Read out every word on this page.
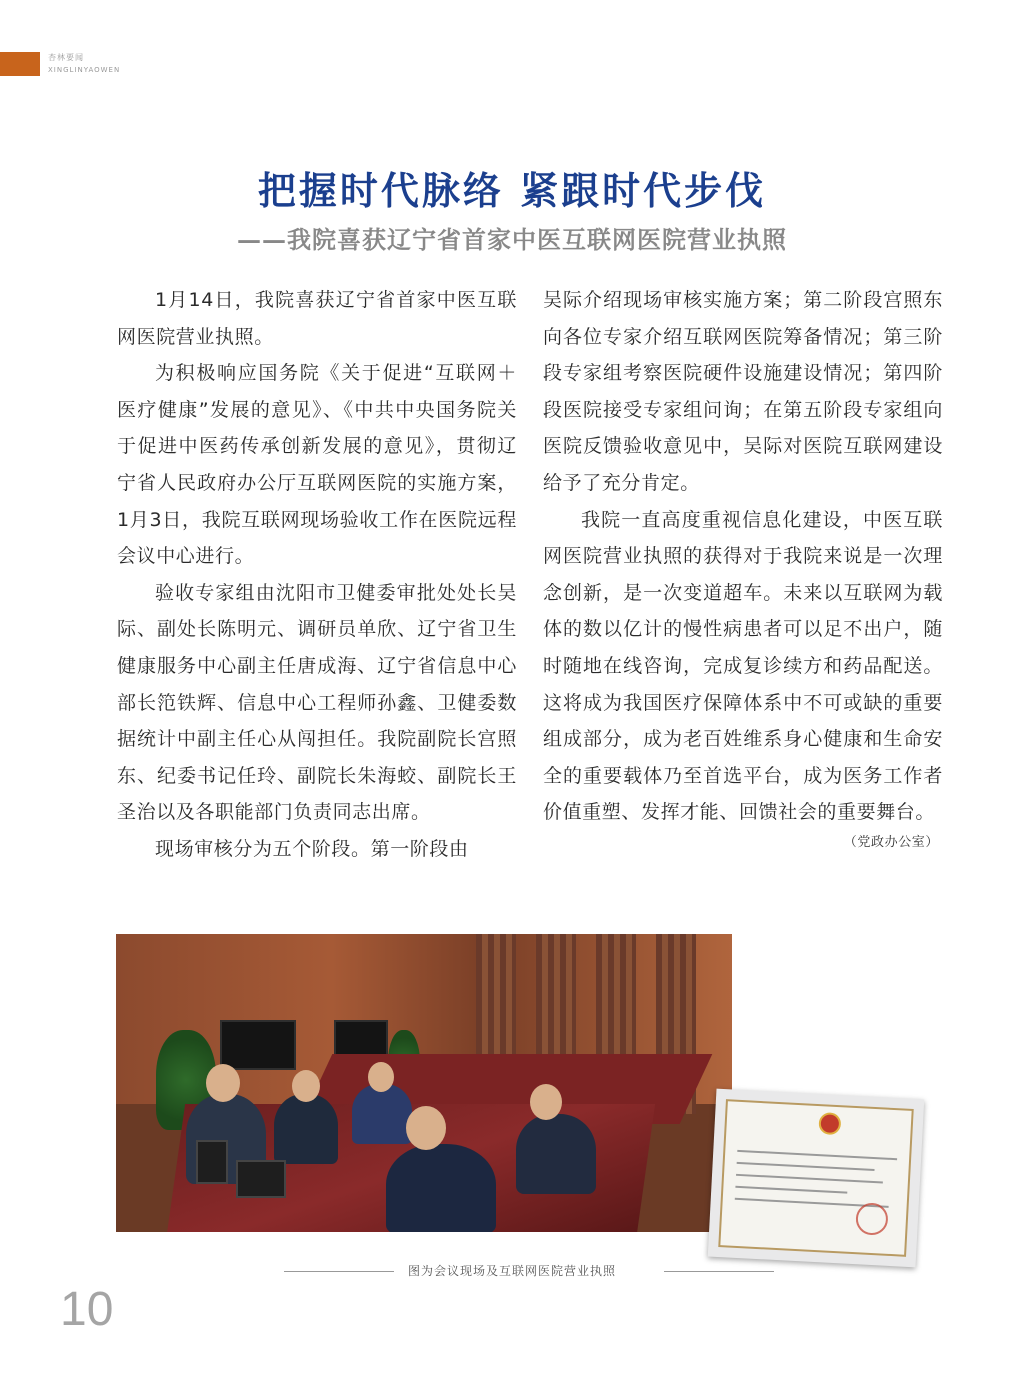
杏林要闻
XINGLINYAOWEN
把握时代脉络 紧跟时代步伐
——我院喜获辽宁省首家中医互联网医院营业执照

1月14日，我院喜获辽宁省首家中医互联网医院营业执照。

为积极响应国务院《关于促进“互联网＋医疗健康”发展的意见》、《中共中央国务院关于促进中医药传承创新发展的意见》，贯彻辽宁省人民政府办公厅互联网医院的实施方案，1月3日，我院互联网现场验收工作在医院远程会议中心进行。

验收专家组由沈阳市卫健委审批处处长吴际、副处长陈明元、调研员单欣、辽宁省卫生健康服务中心副主任唐成海、辽宁省信息中心部长笵铁辉、信息中心工程师孙鑫、卫健委数据统计中副主任心从闯担任。我院副院长宫照东、纪委书记任玲、副院长朱海蛟、副院长王圣治以及各职能部门负责同志出席。

现场审核分为五个阶段。第一阶段由

吴际介绍现场审核实施方案；第二阶段宫照东向各位专家介绍互联网医院筹备情况；第三阶段专家组考察医院硬件设施建设情况；第四阶段医院接受专家组问询；在第五阶段专家组向医院反馈验收意见中，吴际对医院互联网建设给予了充分肯定。

我院一直高度重视信息化建设，中医互联网医院营业执照的获得对于我院来说是一次理念创新，是一次变道超车。未来以互联网为载体的数以亿计的慢性病患者可以足不出户，随时随地在线咨询，完成复诊续方和药品配送。这将成为我国医疗保障体系中不可或缺的重要组成部分，成为老百姓维系身心健康和生命安全的重要载体乃至首选平台，成为医务工作者价值重塑、发挥才能、回馈社会的重要舞台。

（党政办公室）
图为会议现场及互联网医院营业执照
10
